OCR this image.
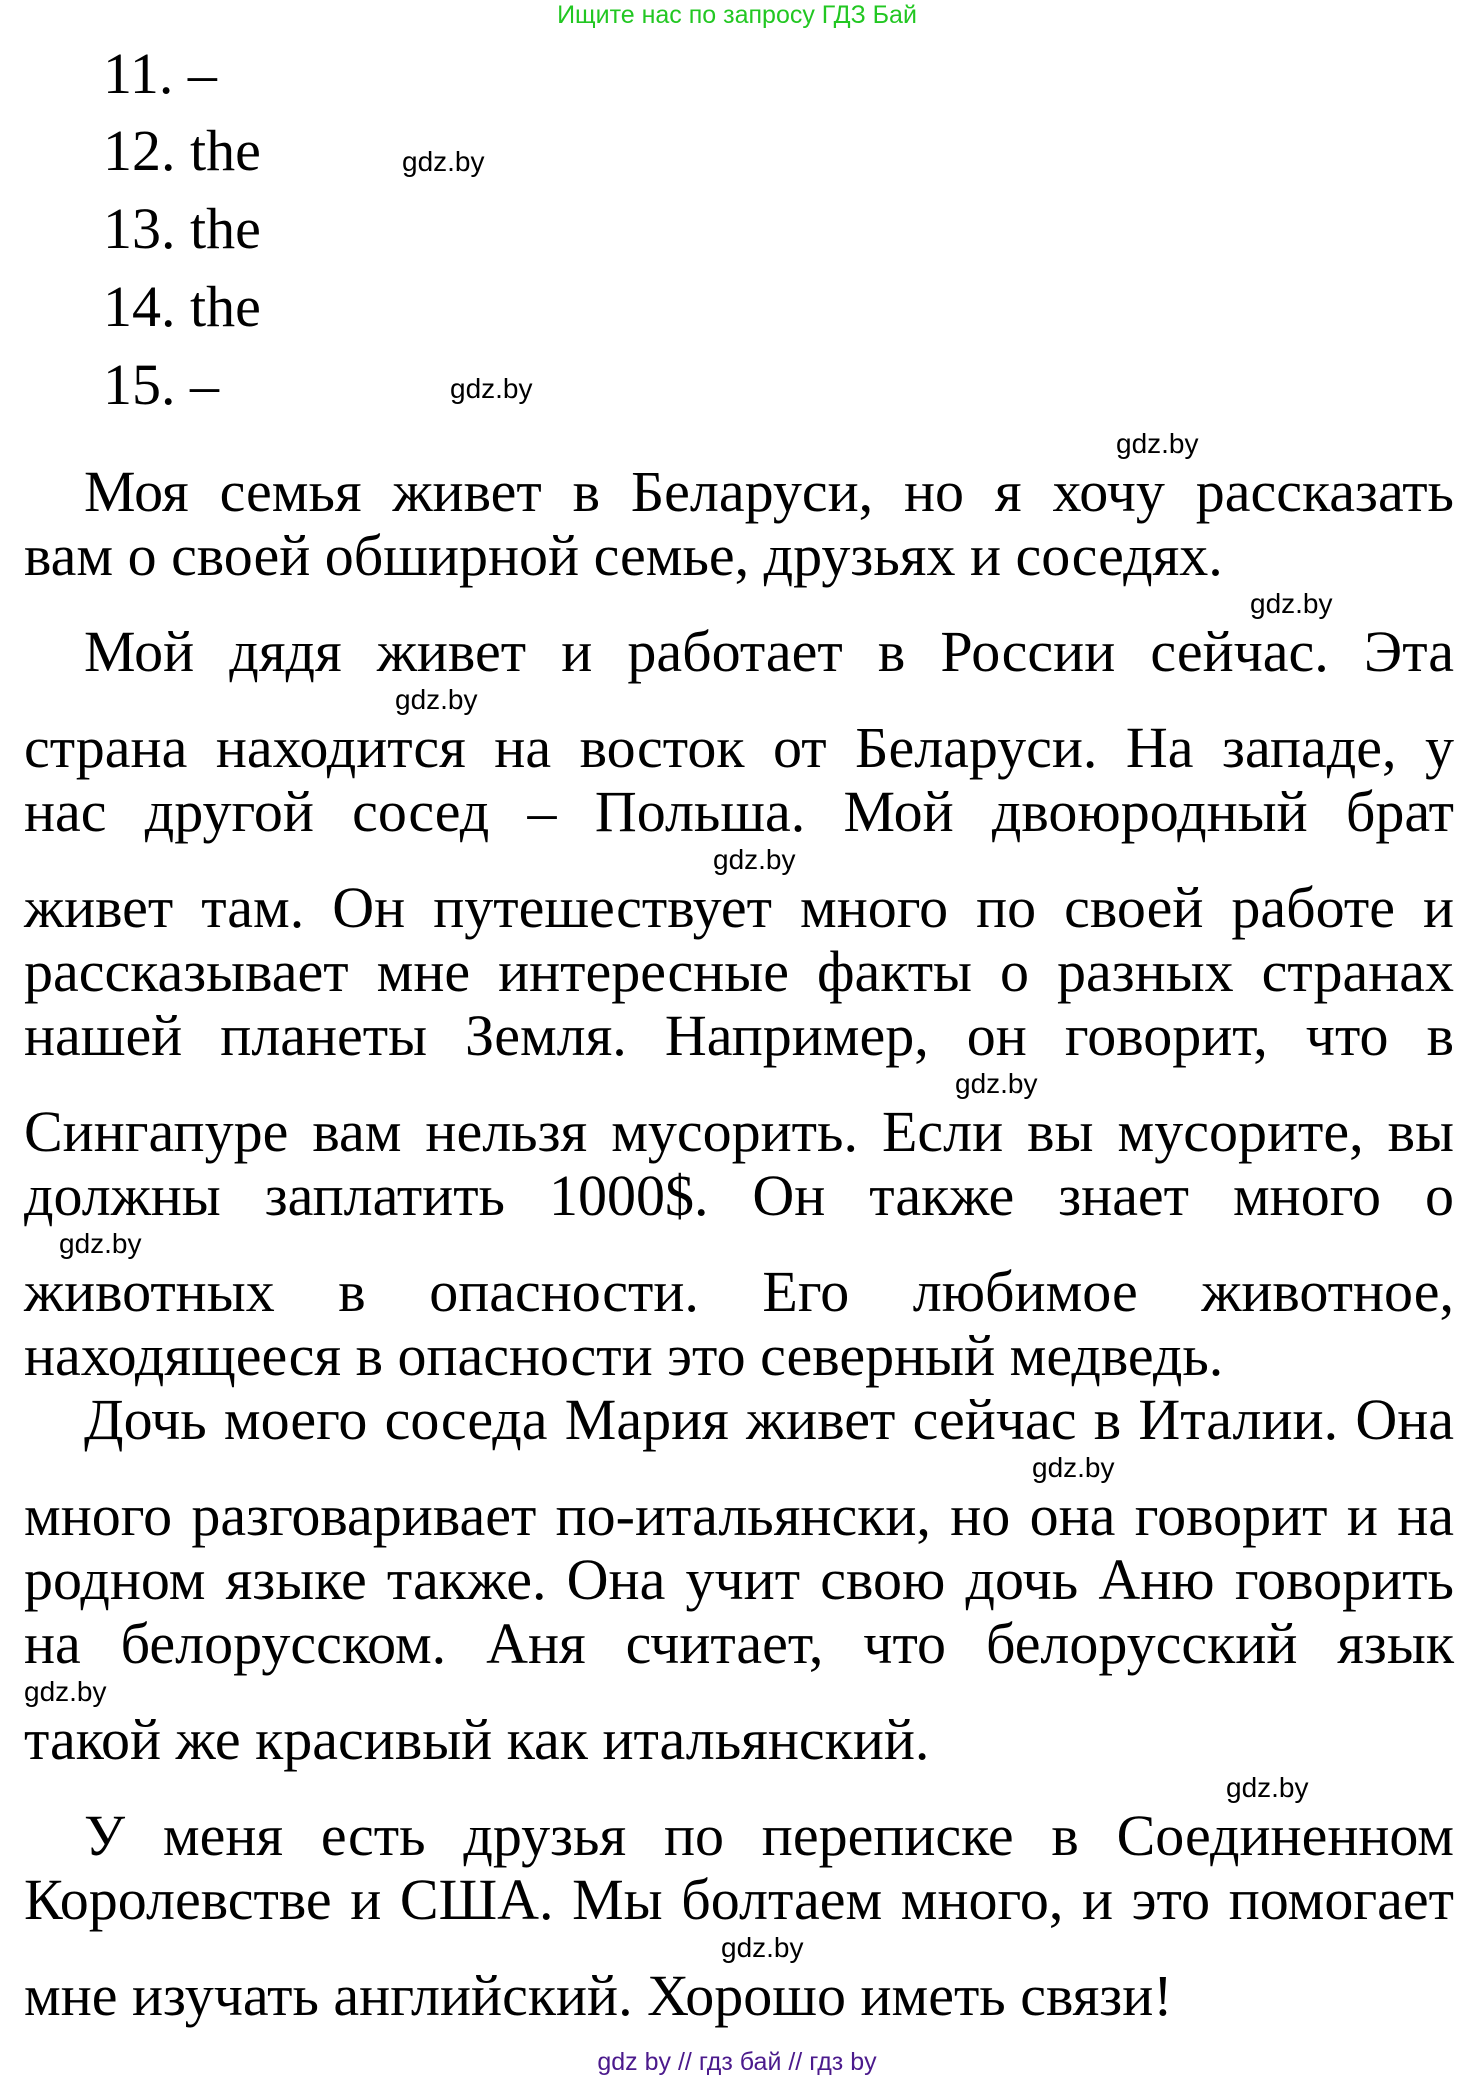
Ищите нас по запросу ГДЗ Бай
11. –
12. the
13. the
14. the
15. –
gdz.by
gdz.by
gdz.by
Моя семья живет в Беларуси, но я хочу рассказать
вам о своей обширной семье, друзьях и соседях.
gdz.by
Мой дядя живет и работает в России сейчас. Эта
gdz.by
страна находится на восток от Беларуси. На западе, у
нас другой сосед – Польша. Мой двоюродный брат
gdz.by
живет там. Он путешествует много по своей работе и
рассказывает мне интересные факты о разных странах
нашей планеты Земля. Например, он говорит, что в
gdz.by
Сингапуре вам нельзя мусорить. Если вы мусорите, вы
должны заплатить 1000$. Он также знает много о
gdz.by
животных в опасности. Его любимое животное,
находящееся в опасности это северный медведь.
Дочь моего соседа Мария живет сейчас в Италии. Она
gdz.by
много разговаривает по-итальянски, но она говорит и на
родном языке также. Она учит свою дочь Аню говорить
на белорусском. Аня считает, что белорусский язык
gdz.by
такой же красивый как итальянский.
gdz.by
У меня есть друзья по переписке в Соединенном
Королевстве и США. Мы болтаем много, и это помогает
gdz.by
мне изучать английский. Хорошо иметь связи!
gdz by // гдз бай // гдз by
